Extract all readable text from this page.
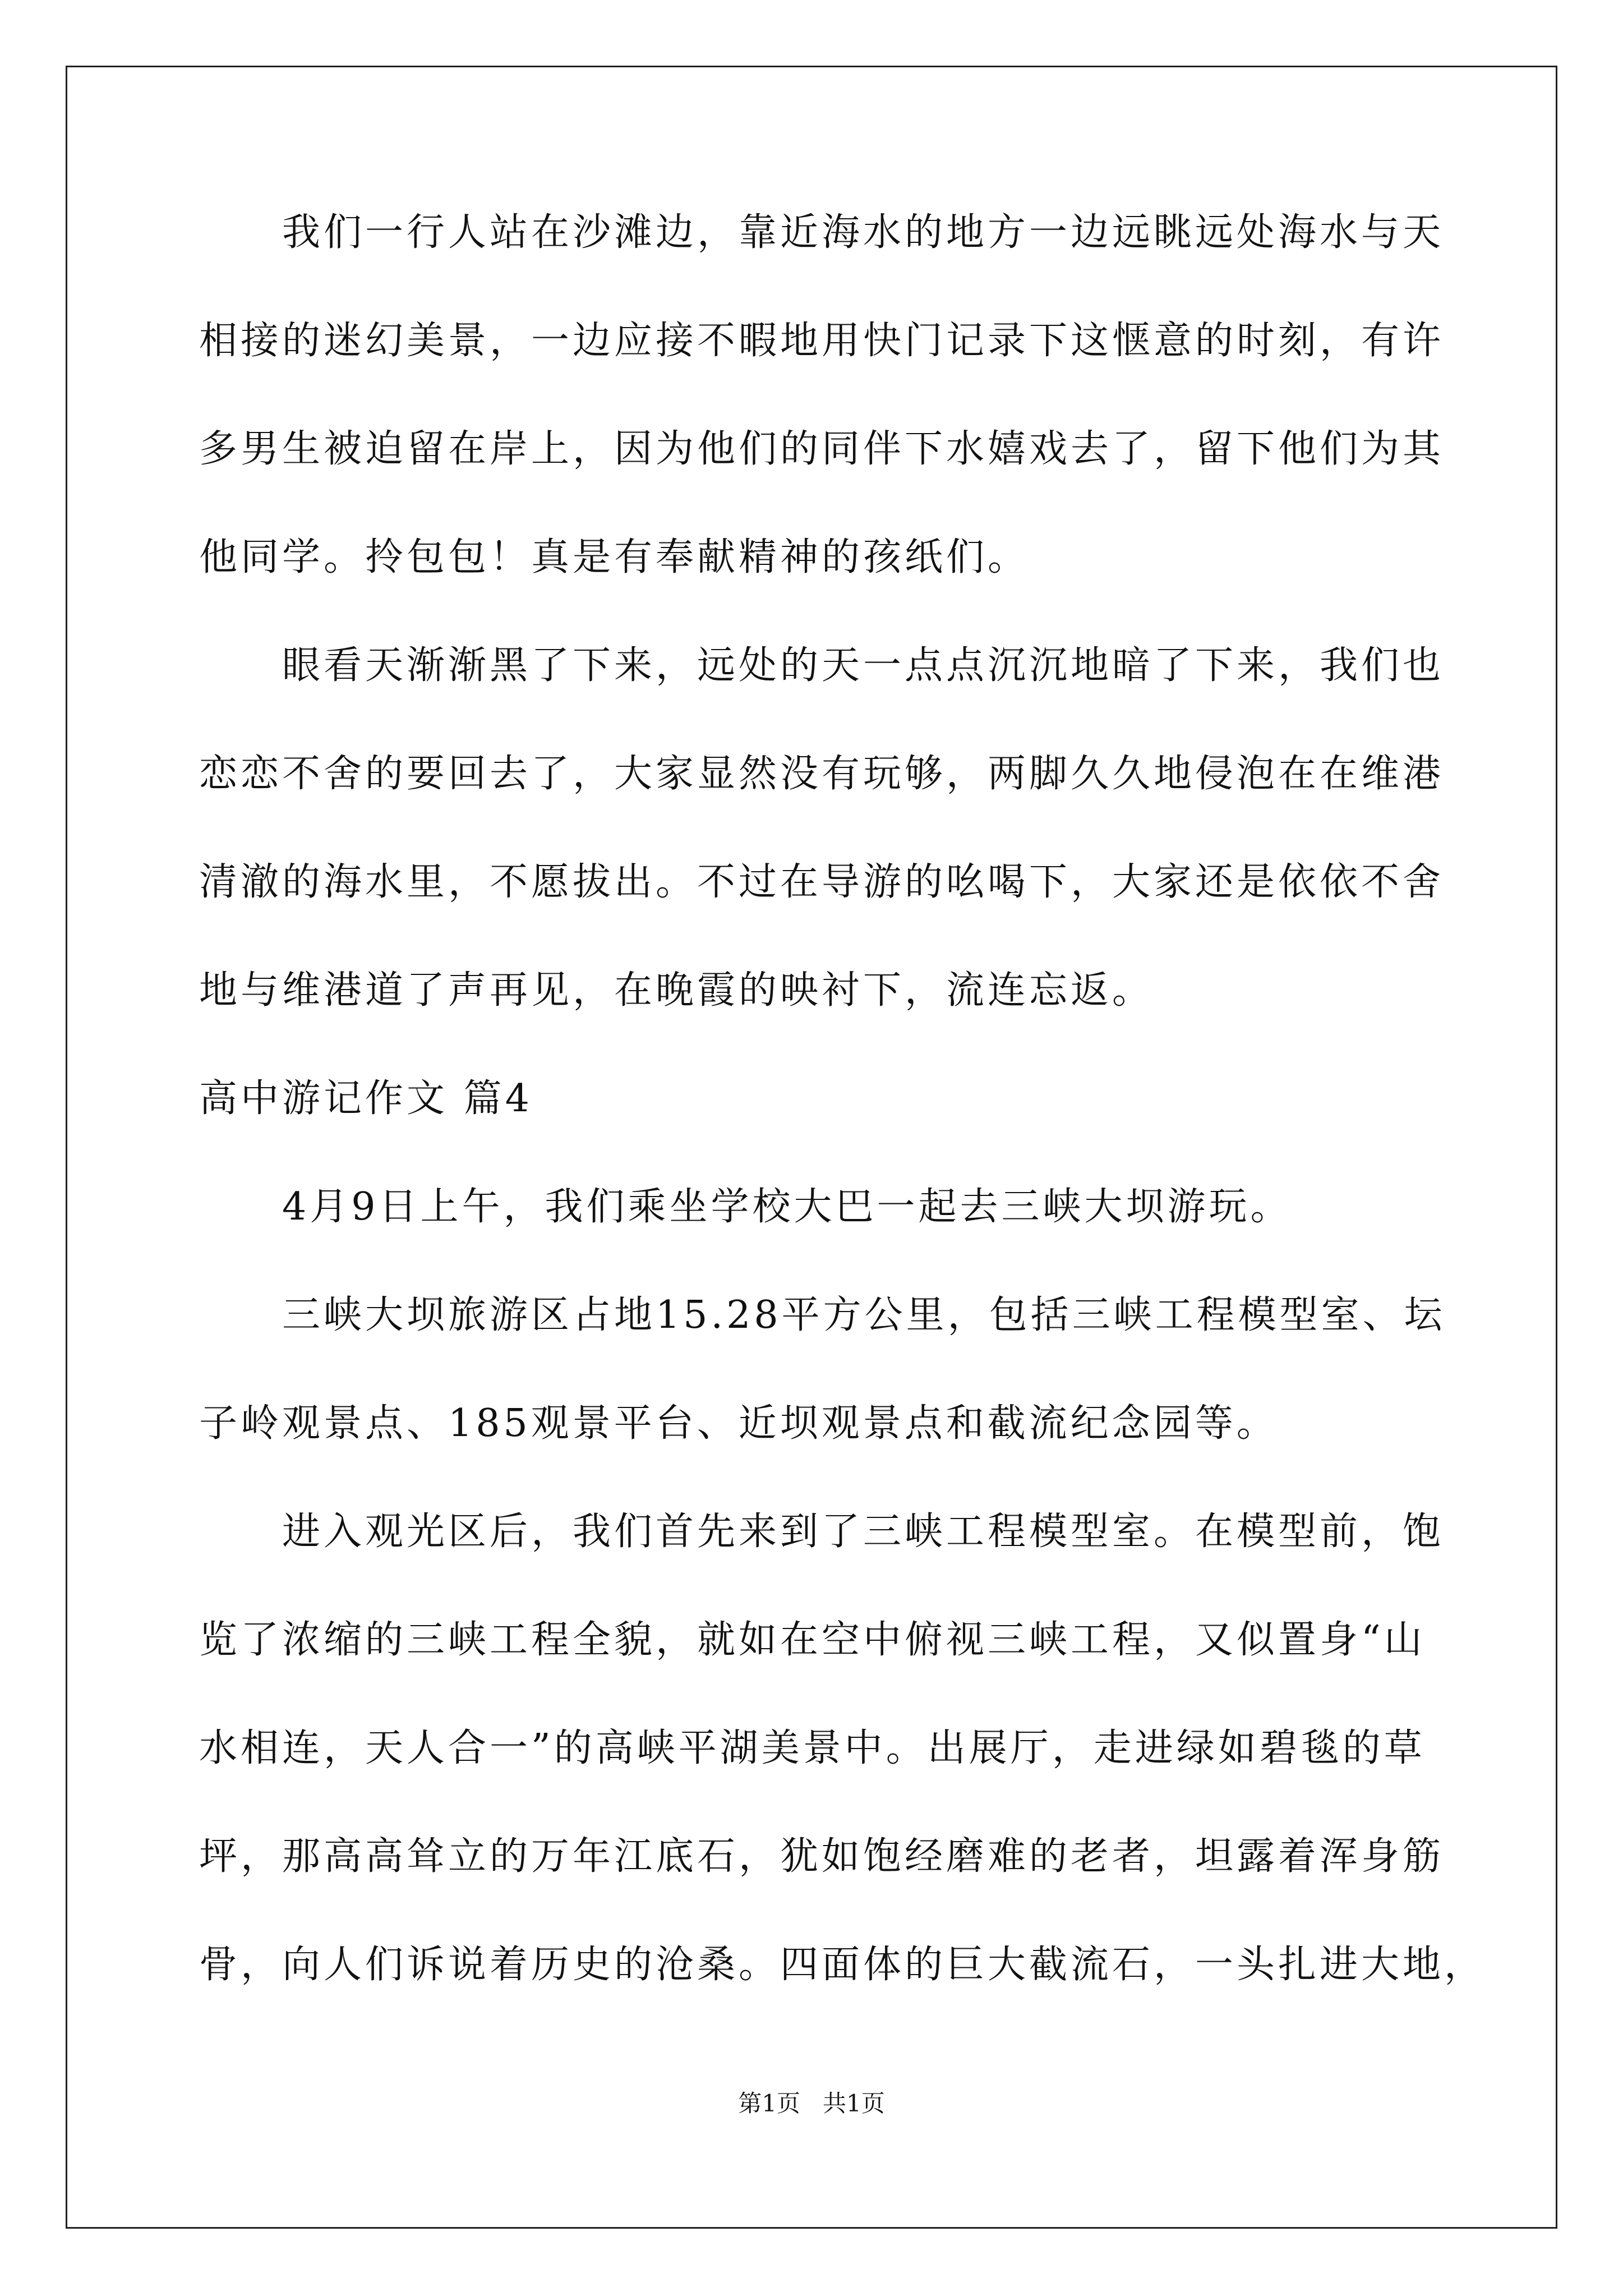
我们一行人站在沙滩边，靠近海水的地方一边远眺远处海水与天
相接的迷幻美景，一边应接不暇地用快门记录下这惬意的时刻，有许
多男生被迫留在岸上，因为他们的同伴下水嬉戏去了，留下他们为其
他同学。拎包包！真是有奉献精神的孩纸们。
眼看天渐渐黑了下来，远处的天一点点沉沉地暗了下来，我们也
恋恋不舍的要回去了，大家显然没有玩够，两脚久久地侵泡在在维港
清澈的海水里，不愿拔出。不过在导游的吆喝下，大家还是依依不舍
地与维港道了声再见，在晚霞的映衬下，流连忘返。
高中游记作文 篇4
4月9日上午，我们乘坐学校大巴一起去三峡大坝游玩。
三峡大坝旅游区占地15.28平方公里，包括三峡工程模型室、坛
子岭观景点、185观景平台、近坝观景点和截流纪念园等。
进入观光区后，我们首先来到了三峡工程模型室。在模型前，饱
览了浓缩的三峡工程全貌，就如在空中俯视三峡工程，又似置身“山
水相连，天人合一”的高峡平湖美景中。出展厅，走进绿如碧毯的草
坪，那高高耸立的万年江底石，犹如饱经磨难的老者，坦露着浑身筋
骨，向人们诉说着历史的沧桑。四面体的巨大截流石，一头扎进大地，
第1页   共1页
